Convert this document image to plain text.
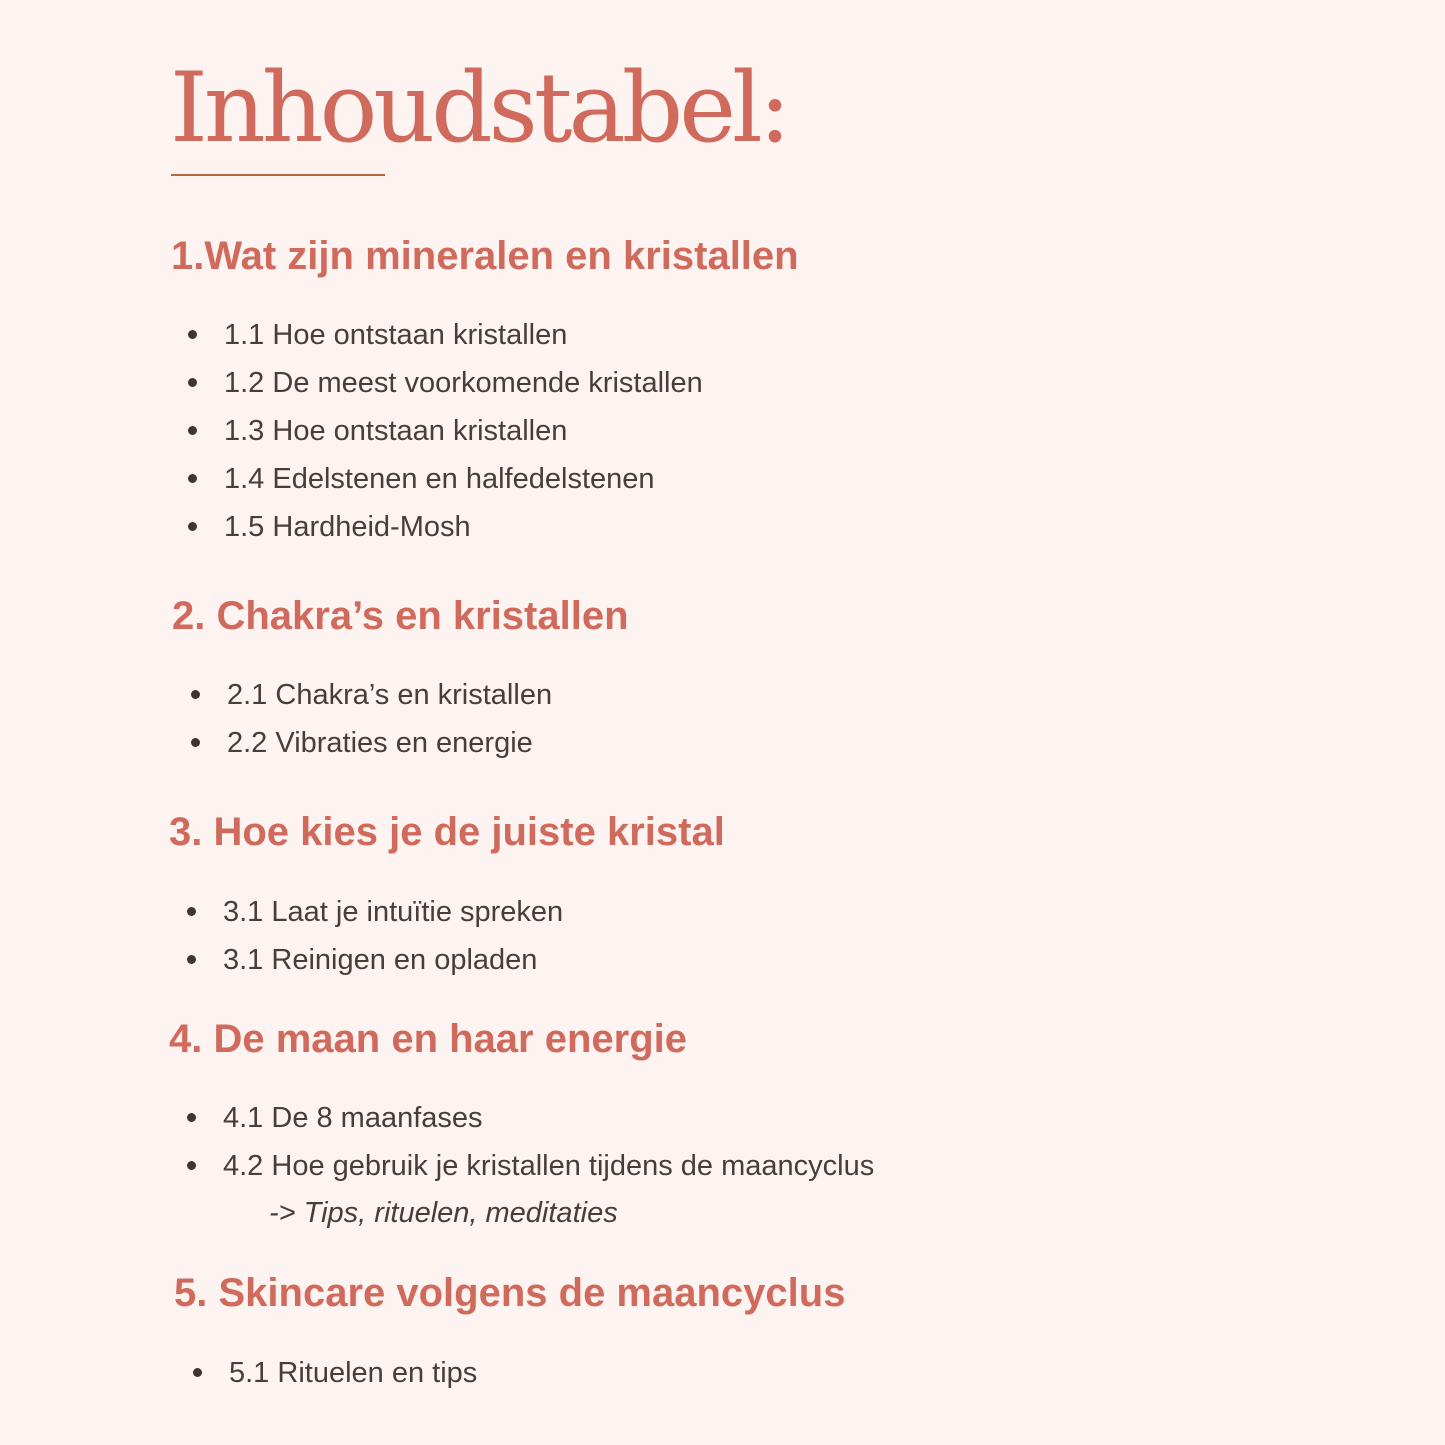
Inhoudstabel:
1.Wat zijn mineralen en kristallen
1.1 Hoe ontstaan kristallen
1.2 De meest voorkomende kristallen
1.3 Hoe ontstaan kristallen
1.4 Edelstenen en halfedelstenen
1.5 Hardheid-Mosh
2. Chakra’s en kristallen
2.1 Chakra’s en kristallen
2.2 Vibraties en energie
3. Hoe kies je de juiste kristal
3.1 Laat je intuïtie spreken
3.1 Reinigen en opladen
4. De maan en haar energie
4.1 De 8 maanfases
4.2 Hoe gebruik je kristallen tijdens de maancyclus
-> Tips, rituelen, meditaties
5. Skincare volgens de maancyclus
5.1 Rituelen en tips
